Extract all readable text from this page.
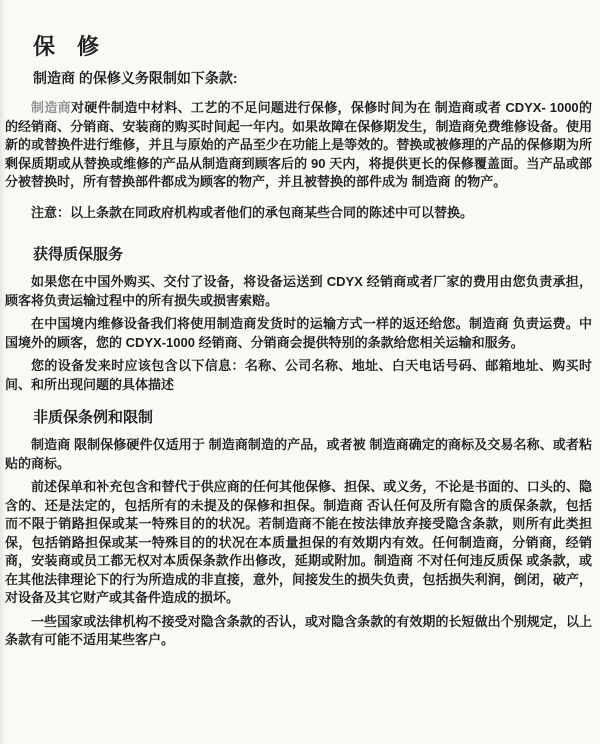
保　修
制造商 的保修义务限制如下条款:

制造商对硬件制造中材料、工艺的不足问题进行保修，保修时间为在 制造商或者 CDYX- 1000的的经销商、分销商、安装商的购买时间起一年内。如果故障在保修期发生，制造商免费维修设备。使用新的或替换件进行维修，并且与原始的产品至少在功能上是等效的。替换或被修理的产品的保修期为所剩保质期或从替换或维修的产品从制造商到顾客后的 90 天内，将提供更长的保修覆盖面。当产品或部分被替换时，所有替换部件都成为顾客的物产，并且被替换的部件成为 制造商 的物产。

注意：以上条款在同政府机构或者他们的承包商某些合同的陈述中可以替换。

获得质保服务

如果您在中国外购买、交付了设备，将设备运送到 CDYX 经销商或者厂家的费用由您负责承担，顾客将负责运输过程中的所有损失或损害索赔。

在中国境内维修设备我们将使用制造商发货时的运输方式一样的返还给您。制造商 负责运费。中国境外的顾客，您的 CDYX-1000 经销商、分销商会提供特别的条款给您相关运输和服务。

您的设备发来时应该包含以下信息：名称、公司名称、地址、白天电话号码、邮箱地址、购买时间、和所出现问题的具体描述

非质保条例和限制

制造商 限制保修硬件仅适用于 制造商制造的产品，或者被 制造商确定的商标及交易名称、或者粘贴的商标。

前述保单和补充包含和替代于供应商的任何其他保修、担保、或义务，不论是书面的、口头的、隐含的、还是法定的，包括所有的未提及的保修和担保。制造商 否认任何及所有隐含的质保条款，包括而不限于销路担保或某一特殊目的的状况。若制造商不能在按法律放弃接受隐含条款，则所有此类担保，包括销路担保或某一特殊目的的状况在本质量担保的有效期内有效。任何制造商，分销商，经销商，安装商或员工都无权对本质保条款作出修改，延期或附加。制造商 不对任何违反质保 或条款，或在其他法律理论下的行为所造成的非直接，意外，间接发生的损失负责，包括损失利润，倒闭，破产，对设备及其它财产或其备件造成的损坏。

一些国家或法律机构不接受对隐含条款的否认，或对隐含条款的有效期的长短做出个别规定，以上条款有可能不适用某些客户。
